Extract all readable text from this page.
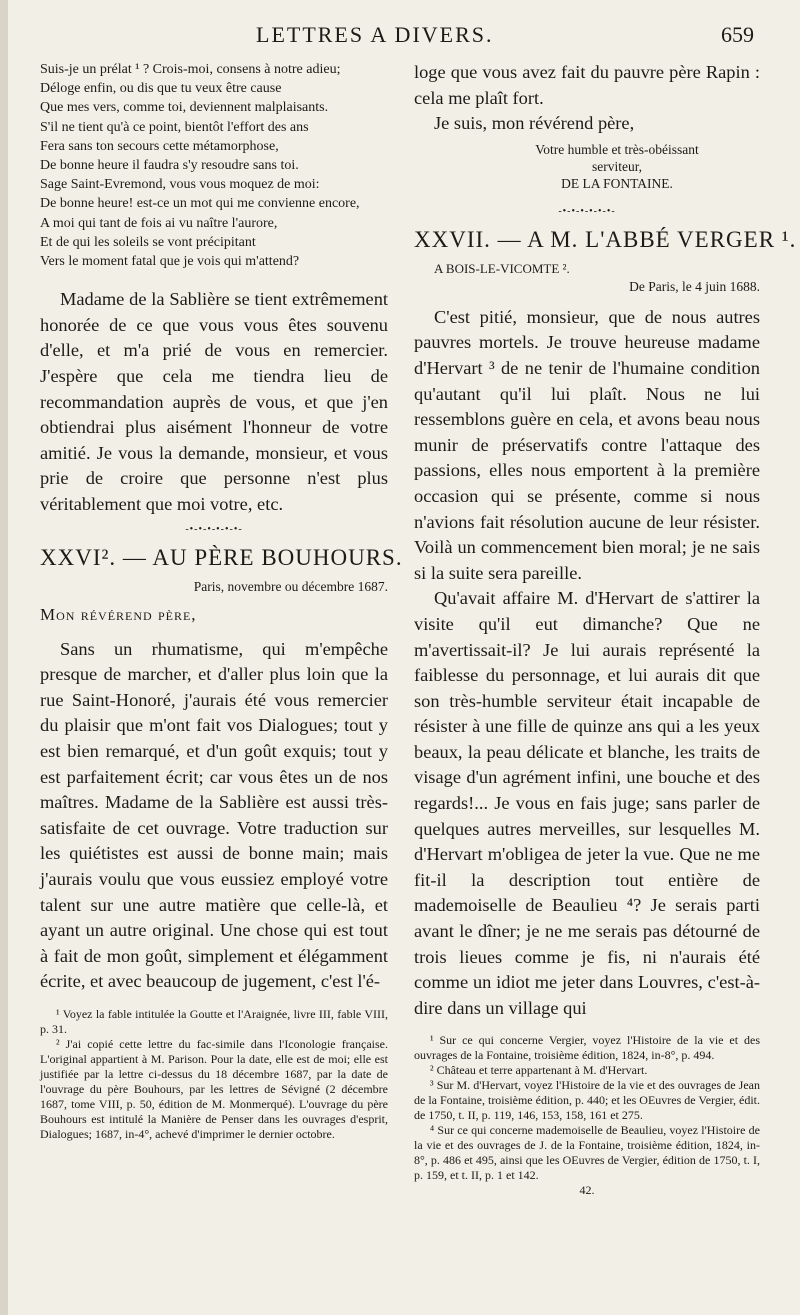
LETTRES A DIVERS.	659
Suis-je un prélat ¹ ? Crois-moi, consens à notre adieu;
Déloge enfin, ou dis que tu veux être cause
Que mes vers, comme toi, deviennent malplaisants.
S'il ne tient qu'à ce point, bientôt l'effort des ans
Fera sans ton secours cette métamorphose,
De bonne heure il faudra s'y resoudre sans toi.
Sage Saint-Evremond, vous vous moquez de moi:
De bonne heure! est-ce un mot qui me convienne encore,
A moi qui tant de fois ai vu naître l'aurore,
Et de qui les soleils se vont précipitant
Vers le moment fatal que je vois qui m'attend?

Madame de la Sablière se tient extrêmement honorée de ce que vous vous êtes souvenu d'elle, et m'a prié de vous en remercier. J'espère que cela me tiendra lieu de recommandation auprès de vous, et que j'en obtiendrai plus aisément l'honneur de votre amitié. Je vous la demande, monsieur, et vous prie de croire que personne n'est plus véritablement que moi votre, etc.

-•-•-•-•-•-•-
XXVI². — AU PÈRE BOUHOURS.
Paris, novembre ou décembre 1687.
Mon révérend père,

Sans un rhumatisme, qui m'empêche presque de marcher, et d'aller plus loin que la rue Saint-Honoré, j'aurais été vous remercier du plaisir que m'ont fait vos Dialogues; tout y est bien remarqué, et d'un goût exquis; tout y est parfaitement écrit; car vous êtes un de nos maîtres. Madame de la Sablière est aussi très-satisfaite de cet ouvrage. Votre traduction sur les quiétistes est aussi de bonne main; mais j'aurais voulu que vous eussiez employé votre talent sur une autre matière que celle-là, et ayant un autre original. Une chose qui est tout à fait de mon goût, simplement et élégamment écrite, et avec beaucoup de jugement, c'est l'é-

¹ Voyez la fable intitulée la Goutte et l'Araignée, livre III, fable VIII, p. 31.
² J'ai copié cette lettre du fac-simile dans l'Iconologie française. L'original appartient à M. Parison. Pour la date, elle est de moi; elle est justifiée par la lettre ci-dessus du 18 décembre 1687, par la date de l'ouvrage du père Bouhours, par les lettres de Sévigné (2 décembre 1687, tome VIII, p. 50, édition de M. Monmerqué). L'ouvrage du père Bouhours est intitulé la Manière de Penser dans les ouvrages d'esprit, Dialogues; 1687, in-4°, achevé d'imprimer le dernier octobre.

loge que vous avez fait du pauvre père Rapin : cela me plaît fort.

Je suis, mon révérend père,

Votre humble et très-obéissant
serviteur,
DE LA FONTAINE.
-•-•-•-•-•-•-
XXVII. — A M. L'ABBÉ VERGER ¹.
A BOIS-LE-VICOMTE ².
De Paris, le 4 juin 1688.

C'est pitié, monsieur, que de nous autres pauvres mortels. Je trouve heureuse madame d'Hervart ³ de ne tenir de l'humaine condition qu'autant qu'il lui plaît. Nous ne lui ressemblons guère en cela, et avons beau nous munir de préservatifs contre l'attaque des passions, elles nous emportent à la première occasion qui se présente, comme si nous n'avions fait résolution aucune de leur résister. Voilà un commencement bien moral; je ne sais si la suite sera pareille.

Qu'avait affaire M. d'Hervart de s'attirer la visite qu'il eut dimanche? Que ne m'avertissait-il? Je lui aurais représenté la faiblesse du personnage, et lui aurais dit que son très-humble serviteur était incapable de résister à une fille de quinze ans qui a les yeux beaux, la peau délicate et blanche, les traits de visage d'un agrément infini, une bouche et des regards!... Je vous en fais juge; sans parler de quelques autres merveilles, sur lesquelles M. d'Hervart m'obligea de jeter la vue. Que ne me fit-il la description tout entière de mademoiselle de Beaulieu ⁴? Je serais parti avant le dîner; je ne me serais pas détourné de trois lieues comme je fis, ni n'aurais été comme un idiot me jeter dans Louvres, c'est-à-dire dans un village qui

¹ Sur ce qui concerne Vergier, voyez l'Histoire de la vie et des ouvrages de la Fontaine, troisième édition, 1824, in-8°, p. 494.
² Château et terre appartenant à M. d'Hervart.
³ Sur M. d'Hervart, voyez l'Histoire de la vie et des ouvrages de Jean de la Fontaine, troisième édition, p. 440; et les OEuvres de Vergier, édit. de 1750, t. II, p. 119, 146, 153, 158, 161 et 275.
⁴ Sur ce qui concerne mademoiselle de Beaulieu, voyez l'Histoire de la vie et des ouvrages de J. de la Fontaine, troisième édition, 1824, in-8°, p. 486 et 495, ainsi que les OEuvres de Vergier, édition de 1750, t. I, p. 159, et t. II, p. 1 et 142.
42.
